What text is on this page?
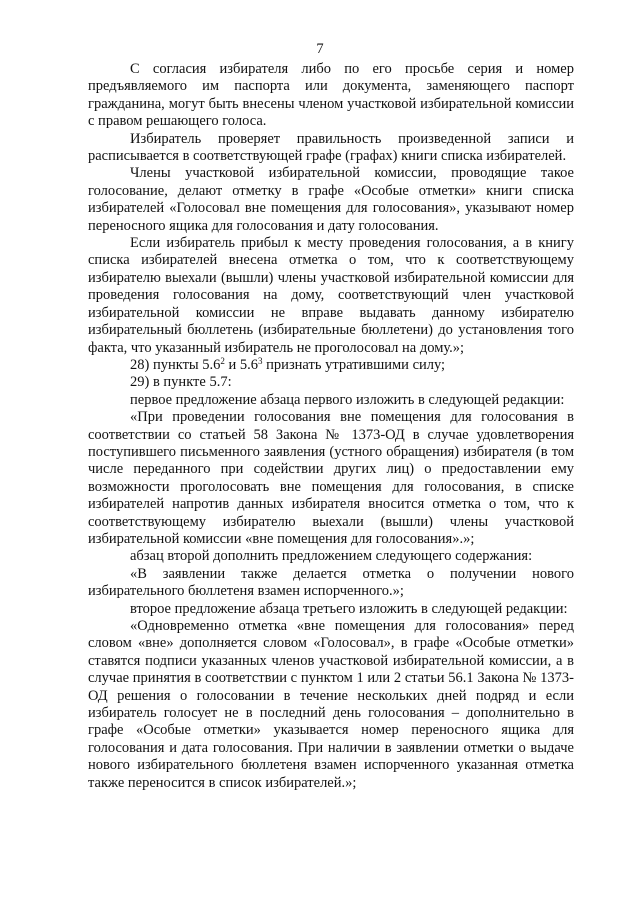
7

С согласия избирателя либо по его просьбе серия и номер предъявляемого им паспорта или документа, заменяющего паспорт гражданина, могут быть внесены членом участковой избирательной комиссии с правом решающего голоса.

Избиратель проверяет правильность произведенной записи и расписывается в соответствующей графе (графах) книги списка избирателей.

Члены участковой избирательной комиссии, проводящие такое голосование, делают отметку в графе «Особые отметки» книги списка избирателей «Голосовал вне помещения для голосования», указывают номер переносного ящика для голосования и дату голосования.

Если избиратель прибыл к месту проведения голосования, а в книгу списка избирателей внесена отметка о том, что к соответствующему избирателю выехали (вышли) члены участковой избирательной комиссии для проведения голосования на дому, соответствующий член участковой избирательной комиссии не вправе выдавать данному избирателю избирательный бюллетень (избирательные бюллетени) до установления того факта, что указанный избиратель не проголосовал на дому.»;

28) пункты $5.6^2$ и $5.6^3$ признать утратившими силу;

29) в пункте 5.7:

первое предложение абзаца первого изложить в следующей редакции:

«При проведении голосования вне помещения для голосования в соответствии со статьей 58 Закона № 1373-ОД в случае удовлетворения поступившего письменного заявления (устного обращения) избирателя (в том числе переданного при содействии других лиц) о предоставлении ему возможности проголосовать вне помещения для голосования, в списке избирателей напротив данных избирателя вносится отметка о том, что к соответствующему избирателю выехали (вышли) члены участковой избирательной комиссии «вне помещения для голосования».»;

абзац второй дополнить предложением следующего содержания:

«В заявлении также делается отметка о получении нового избирательного бюллетеня взамен испорченного.»;

второе предложение абзаца третьего изложить в следующей редакции:

«Одновременно отметка «вне помещения для голосования» перед словом «вне» дополняется словом «Голосовал», в графе «Особые отметки» ставятся подписи указанных членов участковой избирательной комиссии, а в случае принятия в соответствии с пунктом 1 или 2 статьи 56.1 Закона № 1373-ОД решения о голосовании в течение нескольких дней подряд и если избиратель голосует не в последний день голосования – дополнительно в графе «Особые отметки» указывается номер переносного ящика для голосования и дата голосования. При наличии в заявлении отметки о выдаче нового избирательного бюллетеня взамен испорченного указанная отметка также переносится в список избирателей.»;
